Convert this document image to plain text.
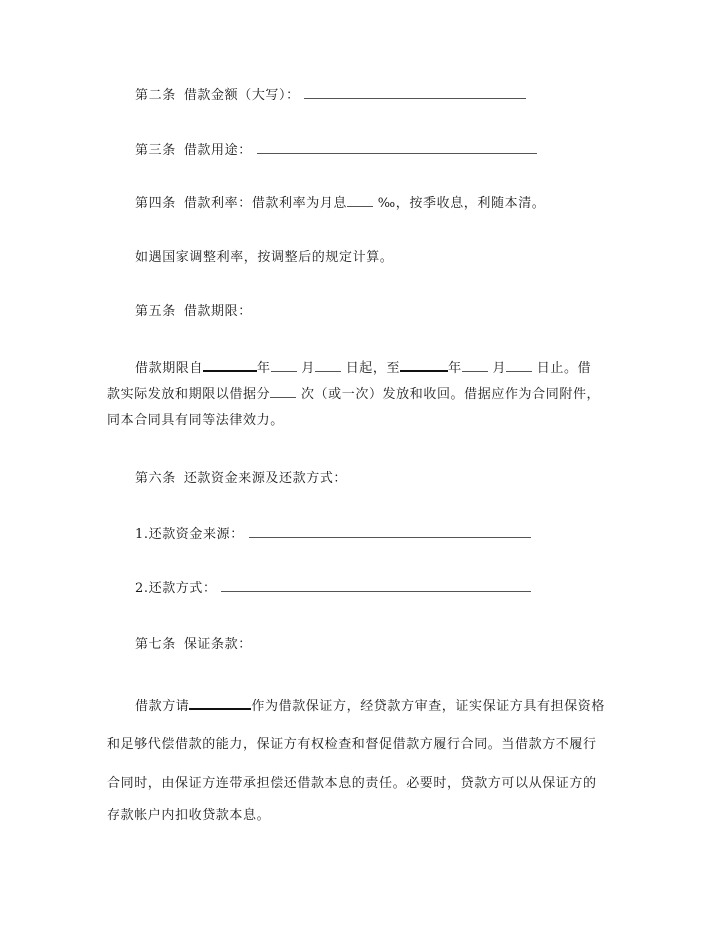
第二条 借款金额（大写）：
第三条 借款用途：
第四条 借款利率：借款利率为月息 ‰，按季收息，利随本清。
如遇国家调整利率，按调整后的规定计算。
第五条 借款期限：
借款期限自	年 月 日起，至	年 月 日止。借
款实际发放和期限以借据分 次（或一次）发放和收回。借据应作为合同附件，
同本合同具有同等法律效力。
第六条 还款资金来源及还款方式：
1.还款资金来源：
2.还款方式：
第七条 保证条款：
借款方请	作为借款保证方，经贷款方审查，证实保证方具有担保资格
和足够代偿借款的能力，保证方有权检查和督促借款方履行合同。当借款方不履行
合同时，由保证方连带承担偿还借款本息的责任。必要时，贷款方可以从保证方的
存款帐户内扣收贷款本息。
